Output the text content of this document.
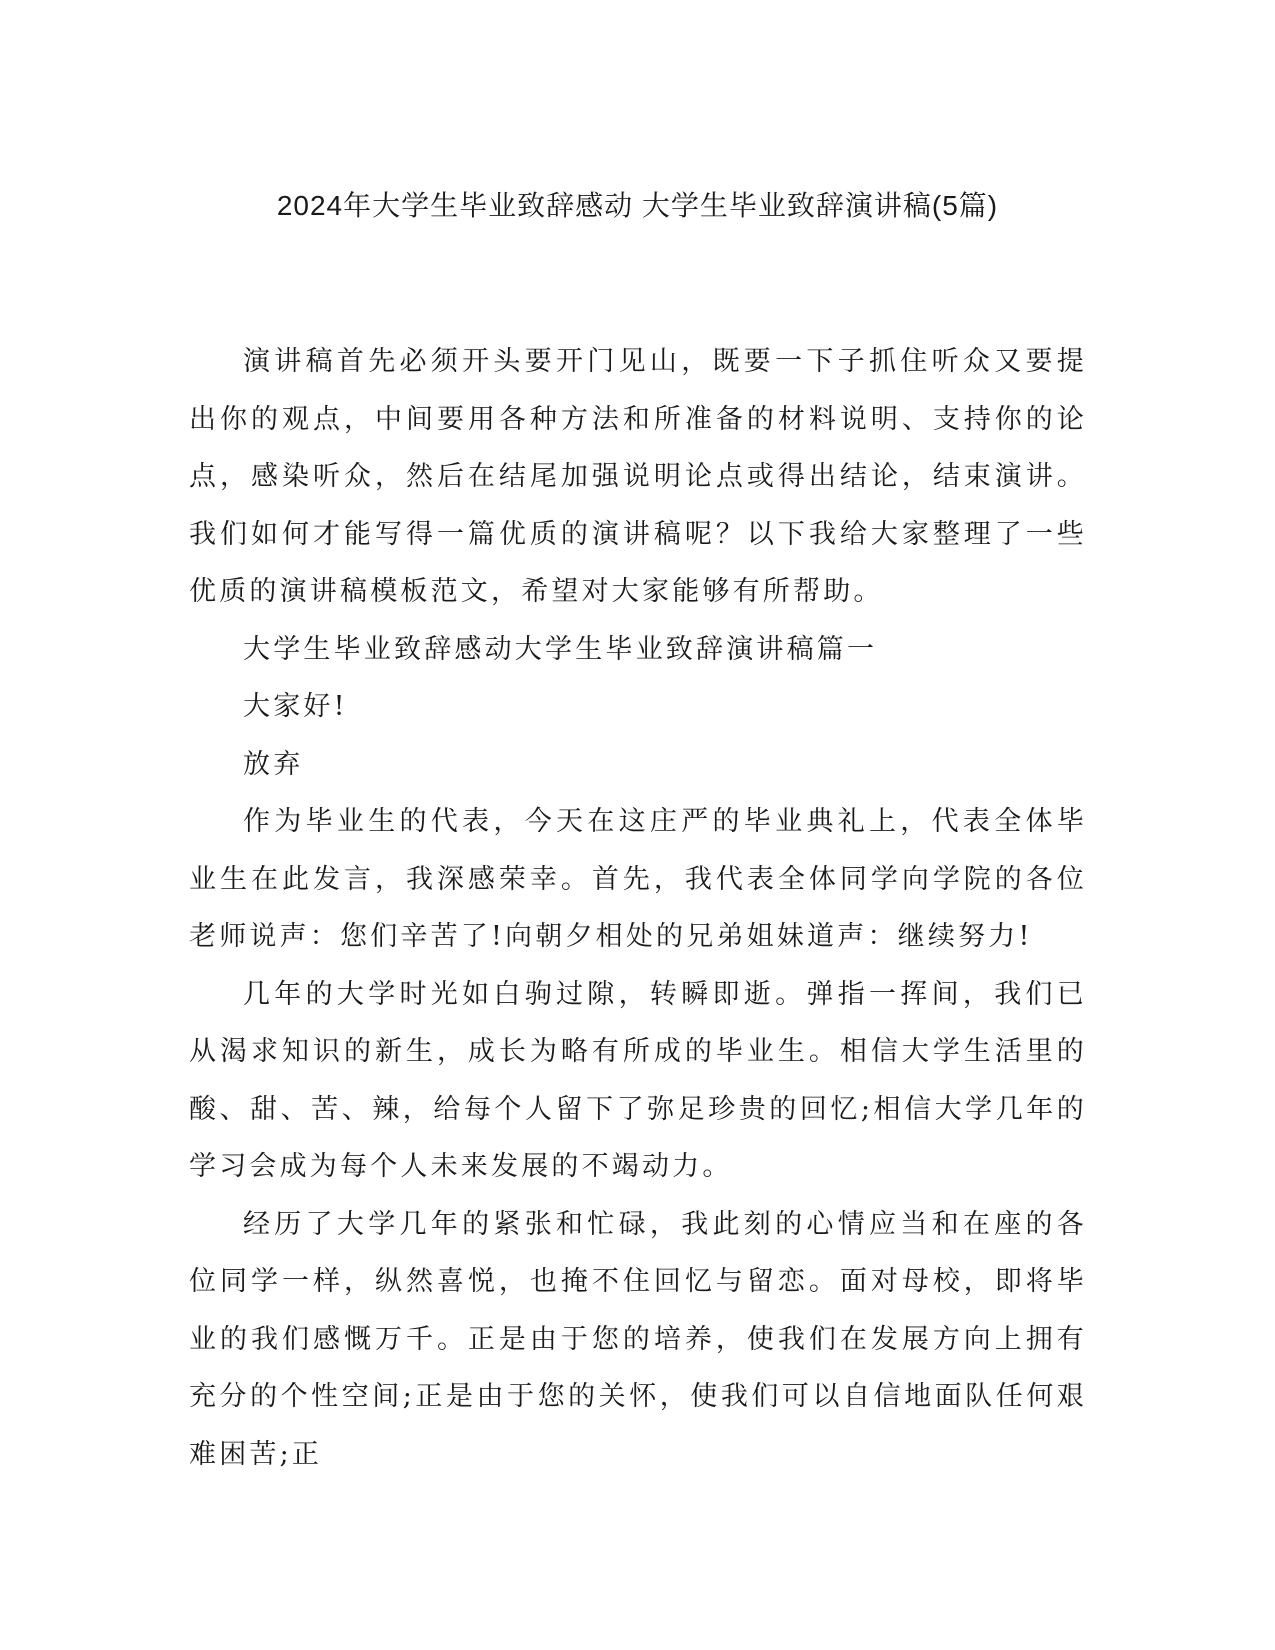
2024年大学生毕业致辞感动 大学生毕业致辞演讲稿(5篇)

演讲稿首先必须开头要开门见山，既要一下子抓住听众又要提出你的观点，中间要用各种方法和所准备的材料说明、支持你的论点，感染听众，然后在结尾加强说明论点或得出结论，结束演讲。我们如何才能写得一篇优质的演讲稿呢？以下我给大家整理了一些优质的演讲稿模板范文，希望对大家能够有所帮助。

大学生毕业致辞感动大学生毕业致辞演讲稿篇一

大家好!

放弃

作为毕业生的代表，今天在这庄严的毕业典礼上，代表全体毕业生在此发言，我深感荣幸。首先，我代表全体同学向学院的各位老师说声：您们辛苦了!向朝夕相处的兄弟姐妹道声：继续努力!

几年的大学时光如白驹过隙，转瞬即逝。弹指一挥间，我们已从渴求知识的新生，成长为略有所成的毕业生。相信大学生活里的酸、甜、苦、辣，给每个人留下了弥足珍贵的回忆;相信大学几年的学习会成为每个人未来发展的不竭动力。

经历了大学几年的紧张和忙碌，我此刻的心情应当和在座的各位同学一样，纵然喜悦，也掩不住回忆与留恋。面对母校，即将毕业的我们感慨万千。正是由于您的培养，使我们在发展方向上拥有充分的个性空间;正是由于您的关怀，使我们可以自信地面队任何艰难困苦;正
